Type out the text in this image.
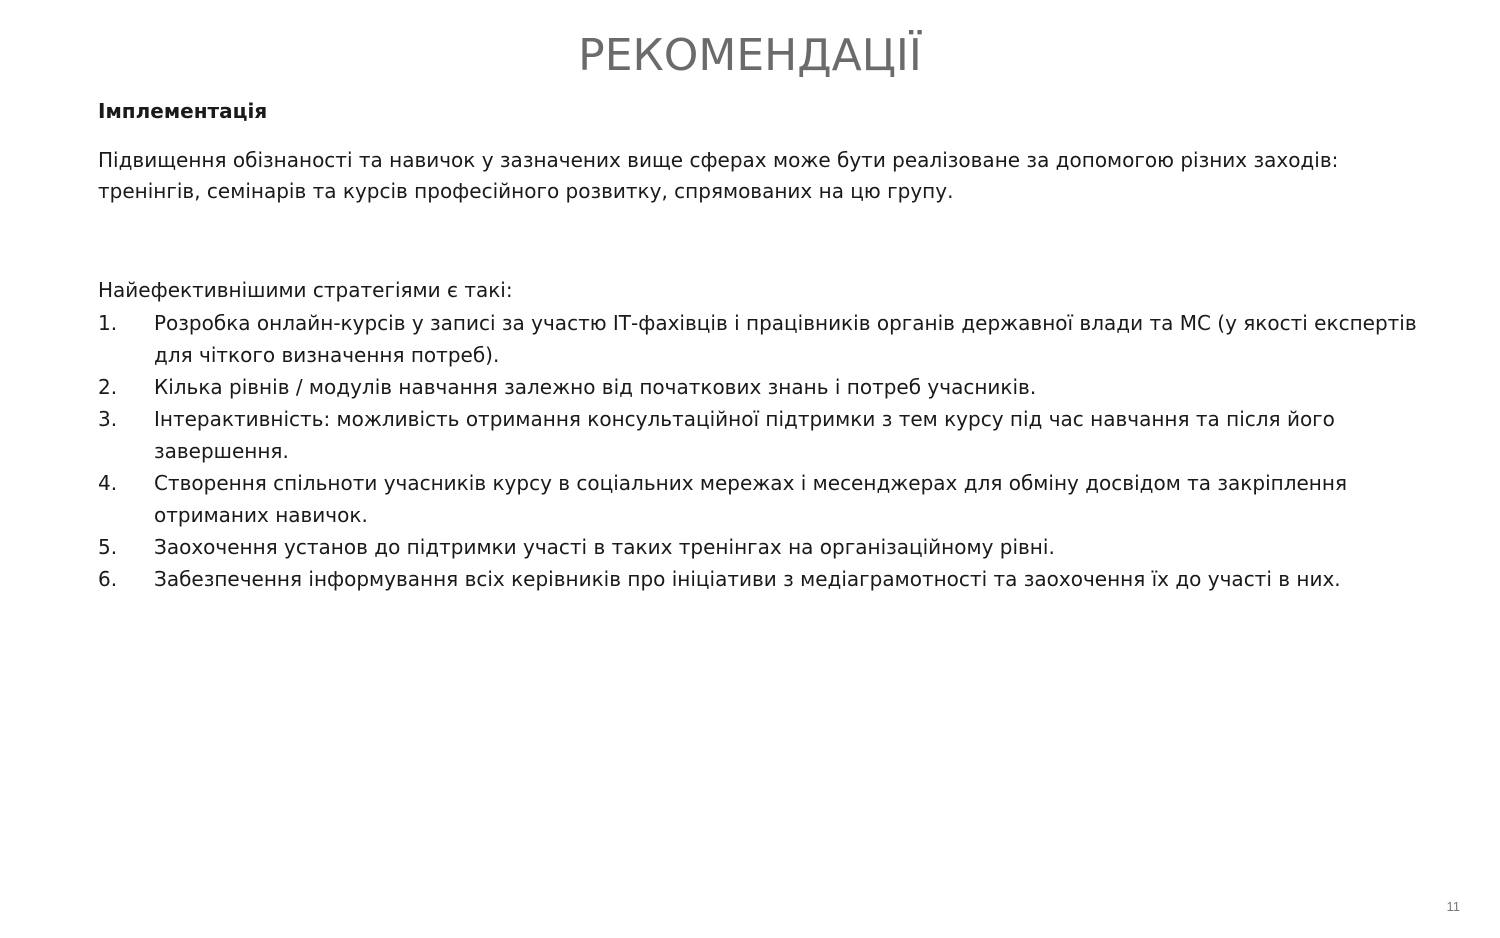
РЕКОМЕНДАЦІЇ
Імплементація

Підвищення обізнаності та навичок у зазначених вище сферах може бути реалізоване за допомогою різних заходів: тренінгів, семінарів та курсів професійного розвитку, спрямованих на цю групу.

Найефективнішими стратегіями є такі:

1.	Розробка онлайн-курсів у записі за участю ІТ-фахівців і працівників органів державної влади та МС (у якості експертів для чіткого визначення потреб).
2.	Кілька рівнів / модулів навчання залежно від початкових знань і потреб учасників.
3.	Інтерактивність: можливість отримання консультаційної підтримки з тем курсу під час навчання та після його завершення.
4.	Створення спільноти учасників курсу в соціальних мережах і месенджерах для обміну досвідом та закріплення отриманих навичок.
5.	Заохочення установ до підтримки участі в таких тренінгах на організаційному рівні.
6.	Забезпечення інформування всіх керівників про ініціативи з медіаграмотності та заохочення їх до участі в них.
11
